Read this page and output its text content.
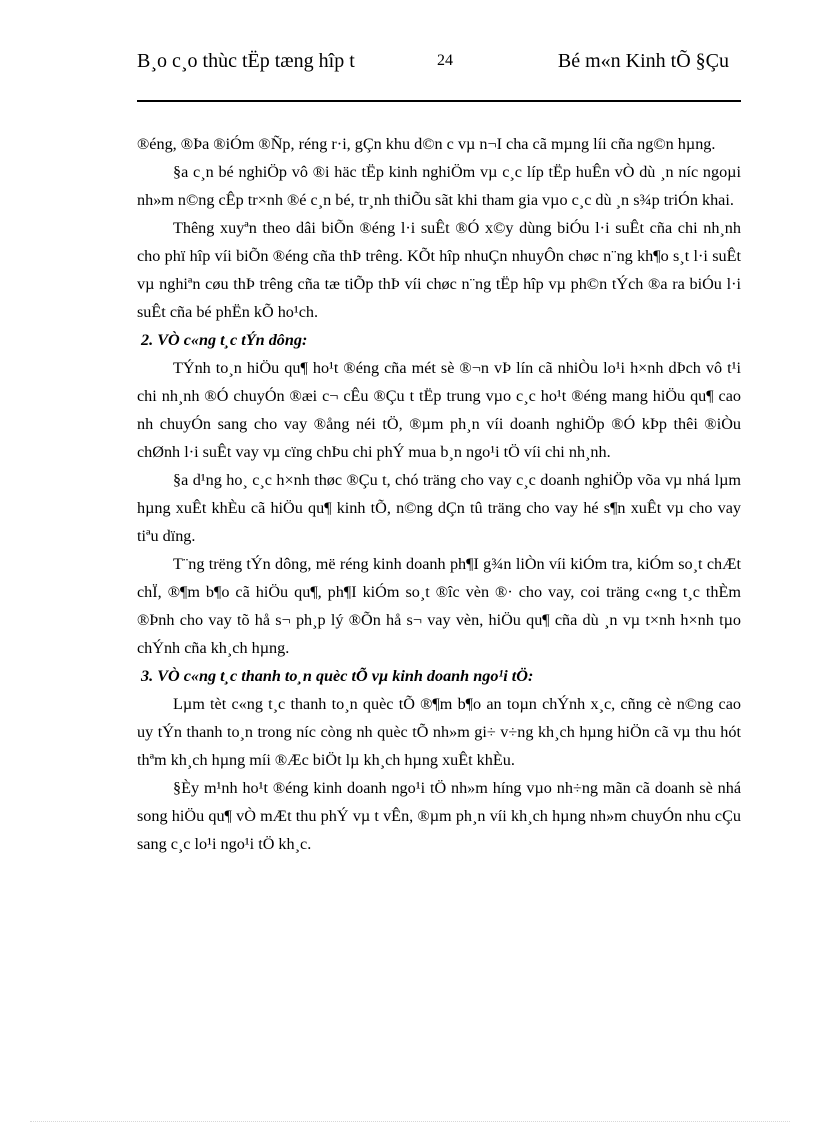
B¸o c¸o thùc tËp tæng hîp t	24	Bé m«n Kinh tÕ §Çu

®éng, ®Þa ®iÓm ®Ñp, réng r·i, gÇn khu d©n c vµ n¬I cha cã mµng líi cña ng©n hµng.

§a c¸n bé nghiÖp vô ®i häc tËp kinh nghiÖm vµ c¸c líp tËp huÊn vÒ dù ¸n níc ngoµi nh»m n©ng cÊp tr×nh ®é c¸n bé, tr¸nh thiÕu sãt khi tham gia vµo c¸c dù ¸n s¾p triÓn khai.

Thêng xuyªn theo dâi biÕn ®éng l·i suÊt ®Ó x©y dùng biÓu l·i suÊt cña chi nh¸nh cho phï hîp víi biÕn ®éng cña thÞ trêng. KÕt hîp nhuÇn nhuyÔn chøc n¨ng kh¶o s¸t l·i suÊt vµ nghiªn cøu thÞ trêng cña tæ tiÕp thÞ víi chøc n¨ng tËp hîp vµ ph©n tÝch ®a ra biÓu l·i suÊt cña bé phËn kÕ ho¹ch.

2. VÒ c«ng t¸c tÝn dông:

TÝnh to¸n hiÖu qu¶ ho¹t ®éng cña mét sè ®¬n vÞ lín cã nhiÒu lo¹i h×nh dÞch vô t¹i chi nh¸nh ®Ó chuyÓn ®æi c¬ cÊu ®Çu t tËp trung vµo c¸c ho¹t ®éng mang hiÖu qu¶ cao nh chuyÓn sang cho vay ®ång néi tÖ, ®µm ph¸n víi doanh nghiÖp ®Ó kÞp thêi ®iÒu chØnh l·i suÊt vay vµ cïng chÞu chi phÝ mua b¸n ngo¹i tÖ víi chi nh¸nh.

§a d¹ng ho¸ c¸c h×nh thøc ®Çu t, chó träng cho vay c¸c doanh nghiÖp võa vµ nhá lµm hµng xuÊt khÈu cã hiÖu qu¶ kinh tÕ, n©ng dÇn tû träng cho vay hé s¶n xuÊt vµ cho vay tiªu dïng.

T¨ng trëng tÝn dông, më réng kinh doanh ph¶I g¾n liÒn víi kiÓm tra, kiÓm so¸t chÆt chÏ, ®¶m b¶o cã hiÖu qu¶, ph¶I kiÓm so¸t ®îc vèn ®· cho vay, coi träng c«ng t¸c thÈm ®Þnh cho vay tõ hå s¬ ph¸p lý ®Õn hå s¬ vay vèn, hiÖu qu¶ cña dù ¸n vµ t×nh h×nh tµo chÝnh cña kh¸ch hµng.

3. VÒ c«ng t¸c thanh to¸n quèc tÕ vµ kinh doanh ngo¹i tÖ:

Lµm tèt c«ng t¸c thanh to¸n quèc tÕ ®¶m b¶o an toµn chÝnh x¸c, cñng cè n©ng cao uy tÝn thanh to¸n trong níc còng nh quèc tÕ nh»m gi÷ v÷ng kh¸ch hµng hiÖn cã vµ thu hót thªm kh¸ch hµng míi ®Æc biÖt lµ kh¸ch hµng xuÊt khÈu.

§Èy m¹nh ho¹t ®éng kinh doanh ngo¹i tÖ nh»m híng vµo nh÷ng mãn cã doanh sè nhá song hiÖu qu¶ vÒ mÆt thu phÝ vµ t vÊn, ®µm ph¸n víi kh¸ch hµng nh»m chuyÓn nhu cÇu sang c¸c lo¹i ngo¹i tÖ kh¸c.
